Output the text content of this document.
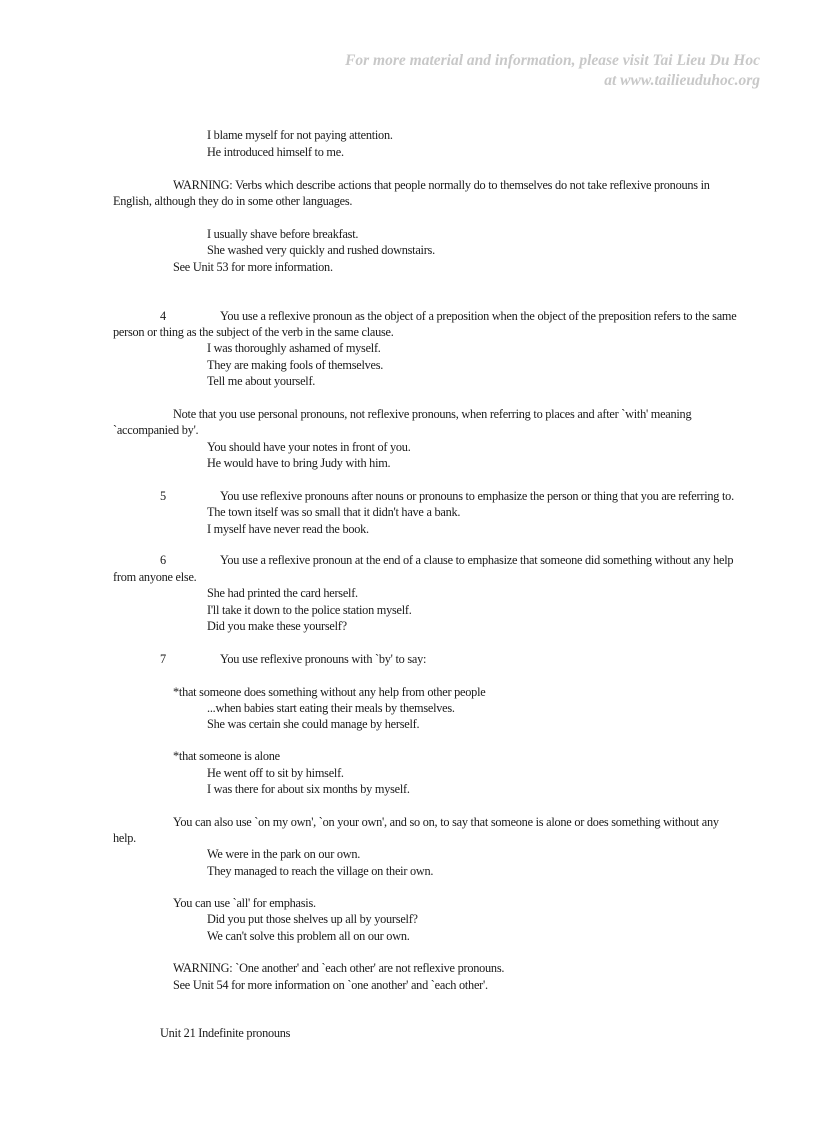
For more material and information, please visit Tai Lieu Du Hoc
at www.tailieuduhoc.org
I blame myself for not paying attention.
He introduced himself to me.
WARNING: Verbs which describe actions that people normally do to themselves do not take reflexive pronouns in
English, although they do in some other languages.
I usually shave before breakfast.
She washed very quickly and rushed downstairs.
See Unit 53 for more information.
4	You use a reflexive pronoun as the object of a preposition when the object of the preposition refers to the same
person or thing as the subject of the verb in the same clause.
I was thoroughly ashamed of myself.
They are making fools of themselves.
Tell me about yourself.
Note that you use personal pronouns, not reflexive pronouns, when referring to places and after `with' meaning
`accompanied by'.
You should have your notes in front of you.
He would have to bring Judy with him.
5	You use reflexive pronouns after nouns or pronouns to emphasize the person or thing that you are referring to.
The town itself was so small that it didn't have a bank.
I myself have never read the book.
6	You use a reflexive pronoun at the end of a clause to emphasize that someone did something without any help
from anyone else.
She had printed the card herself.
I'll take it down to the police station myself.
Did you make these yourself?
7	You use reflexive pronouns with `by' to say:
*that someone does something without any help from other people
...when babies start eating their meals by themselves.
She was certain she could manage by herself.
*that someone is alone
He went off to sit by himself.
I was there for about six months by myself.
You can also use `on my own', `on your own', and so on, to say that someone is alone or does something without any
help.
We were in the park on our own.
They managed to reach the village on their own.
You can use `all' for emphasis.
Did you put those shelves up all by yourself?
We can't solve this problem all on our own.
WARNING: `One another' and `each other' are not reflexive pronouns.
See Unit 54 for more information on `one another' and `each other'.
Unit 21 Indefinite pronouns
